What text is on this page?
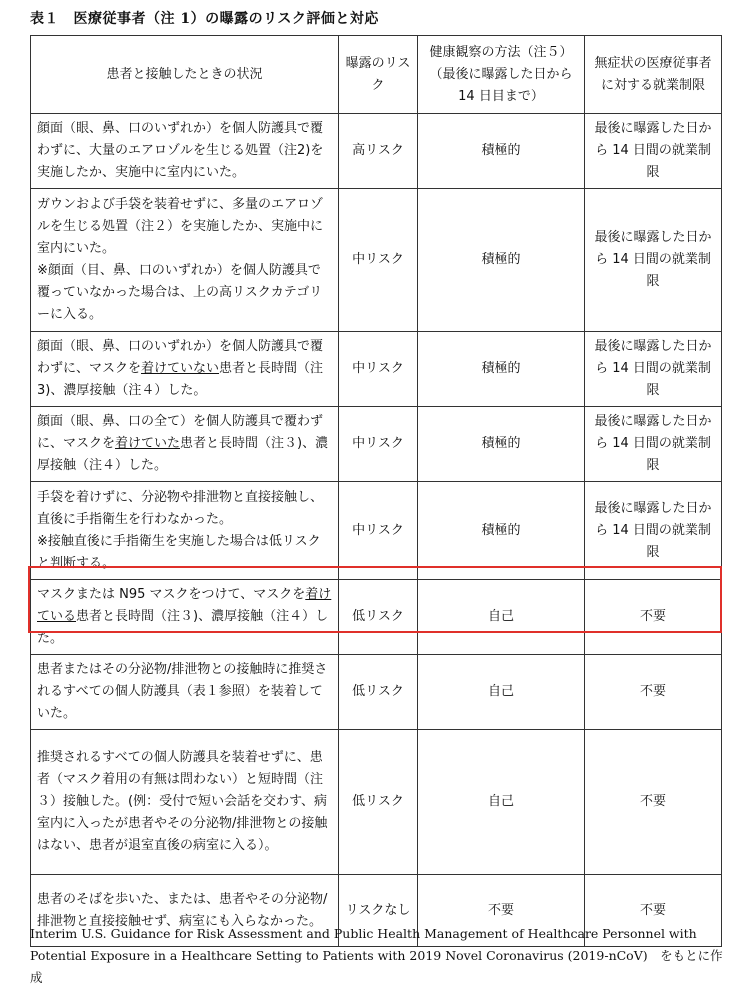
表１　医療従事者（注 1）の曝露のリスク評価と対応
患者と接触したときの状況	曝露のリスク	健康観察の方法（注５）（最後に曝露した日から14 日目まで）	無症状の医療従事者に対する就業制限
顔面（眼、鼻、口のいずれか）を個人防護具で覆わずに、大量のエアロゾルを生じる処置（注2)を実施したか、実施中に室内にいた。	高リスク	積極的	最後に曝露した日から 14 日間の就業制限

ガウンおよび手袋を装着せずに、多量のエアロゾルを生じる処置（注２）を実施したか、実施中に室内にいた。
※顔面（目、鼻、口のいずれか）を個人防護具で覆っていなかった場合は、上の高リスクカテゴリーに入る。	中リスク	積極的	最後に曝露した日から 14 日間の就業制限
顔面（眼、鼻、口のいずれか）を個人防護具で覆わずに、マスクを着けていない患者と長時間（注3)、濃厚接触（注４）した。	中リスク	積極的	最後に曝露した日から 14 日間の就業制限
顔面（眼、鼻、口の全て）を個人防護具で覆わずに、マスクを着けていた患者と長時間（注３)、濃厚接触（注４）した。	中リスク	積極的	最後に曝露した日から 14 日間の就業制限

手袋を着けずに、分泌物や排泄物と直接接触し、直後に手指衛生を行わなかった。
※接触直後に手指衛生を実施した場合は低リスクと判断する。	中リスク	積極的	最後に曝露した日から 14 日間の就業制限
マスクまたは N95 マスクをつけて、マスクを着けている患者と長時間（注３)、濃厚接触（注４）した。	低リスク	自己	不要
患者またはその分泌物/排泄物との接触時に推奨されるすべての個人防護具（表１参照）を装着していた。	低リスク	自己	不要
推奨されるすべての個人防護具を装着せずに、患者（マスク着用の有無は問わない）と短時間（注３）接触した。(例：受付で短い会話を交わす、病室内に入ったが患者やその分泌物/排泄物との接触はない、患者が退室直後の病室に入る）。	低リスク	自己	不要
患者のそばを歩いた、または、患者やその分泌物/排泄物と直接接触せず、病室にも入らなかった。	リスクなし	不要	不要
Interim U.S. Guidance for Risk Assessment and Public Health Management of Healthcare Personnel with Potential Exposure in a Healthcare Setting to Patients with 2019 Novel Coronavirus (2019-nCoV)　をもとに作成
